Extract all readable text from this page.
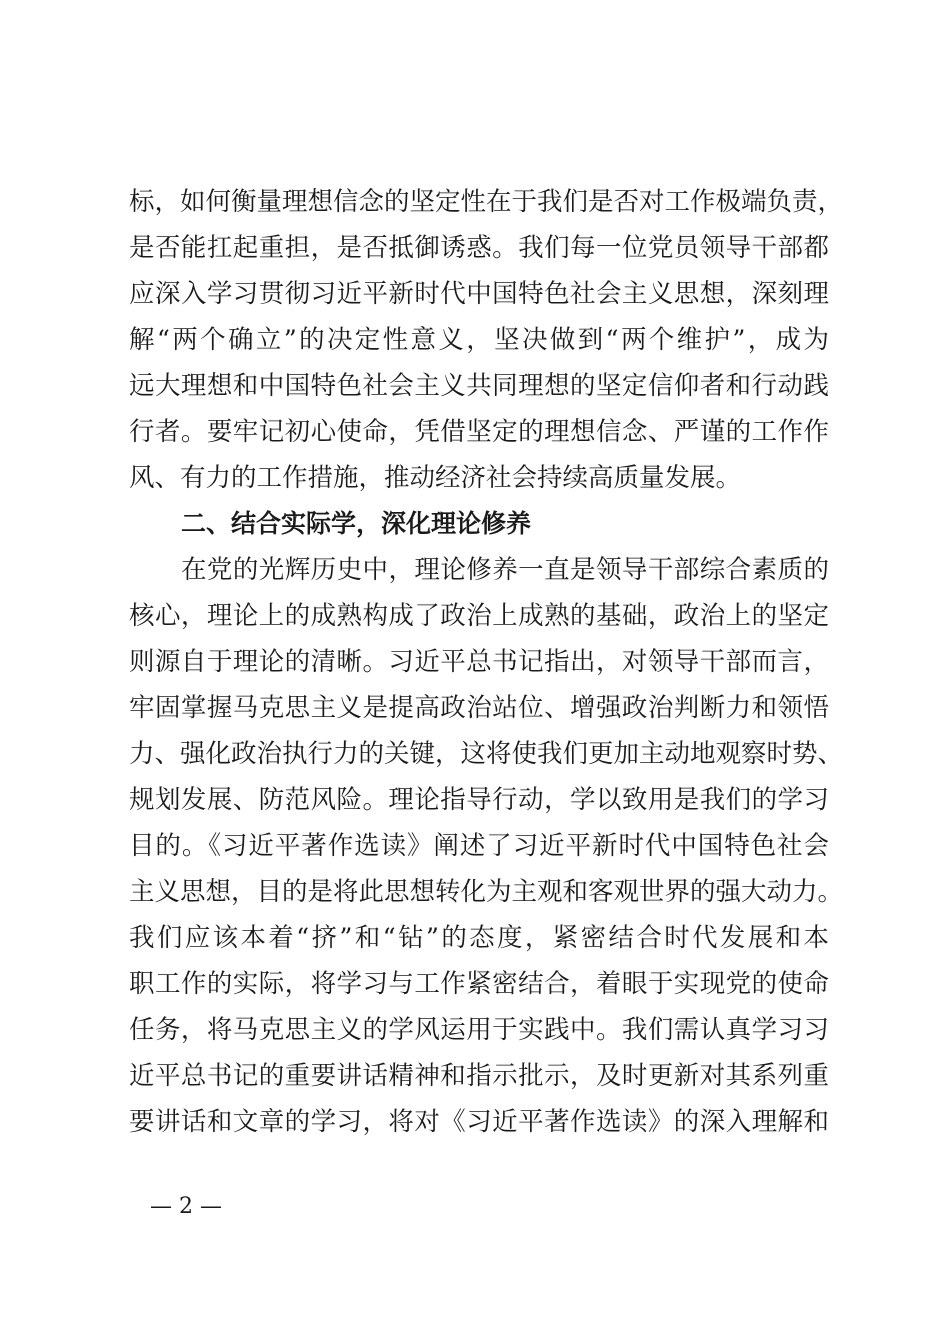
标，如何衡量理想信念的坚定性在于我们是否对工作极端负责，
是否能扛起重担，是否抵御诱惑。我们每一位党员领导干部都
应深入学习贯彻习近平新时代中国特色社会主义思想，深刻理
解“两个确立”的决定性意义，坚决做到“两个维护”，成为
远大理想和中国特色社会主义共同理想的坚定信仰者和行动践
行者。要牢记初心使命，凭借坚定的理想信念、严谨的工作作
风、有力的工作措施，推动经济社会持续高质量发展。
二、结合实际学，深化理论修养
在党的光辉历史中，理论修养一直是领导干部综合素质的
核心，理论上的成熟构成了政治上成熟的基础，政治上的坚定
则源自于理论的清晰。习近平总书记指出，对领导干部而言，
牢固掌握马克思主义是提高政治站位、增强政治判断力和领悟
力、强化政治执行力的关键，这将使我们更加主动地观察时势、
规划发展、防范风险。理论指导行动，学以致用是我们的学习
目的。《习近平著作选读》阐述了习近平新时代中国特色社会
主义思想，目的是将此思想转化为主观和客观世界的强大动力。
我们应该本着“挤”和“钻”的态度，紧密结合时代发展和本
职工作的实际，将学习与工作紧密结合，着眼于实现党的使命
任务，将马克思主义的学风运用于实践中。我们需认真学习习
近平总书记的重要讲话精神和指示批示，及时更新对其系列重
要讲话和文章的学习，将对《习近平著作选读》的深入理解和
— 2 —
